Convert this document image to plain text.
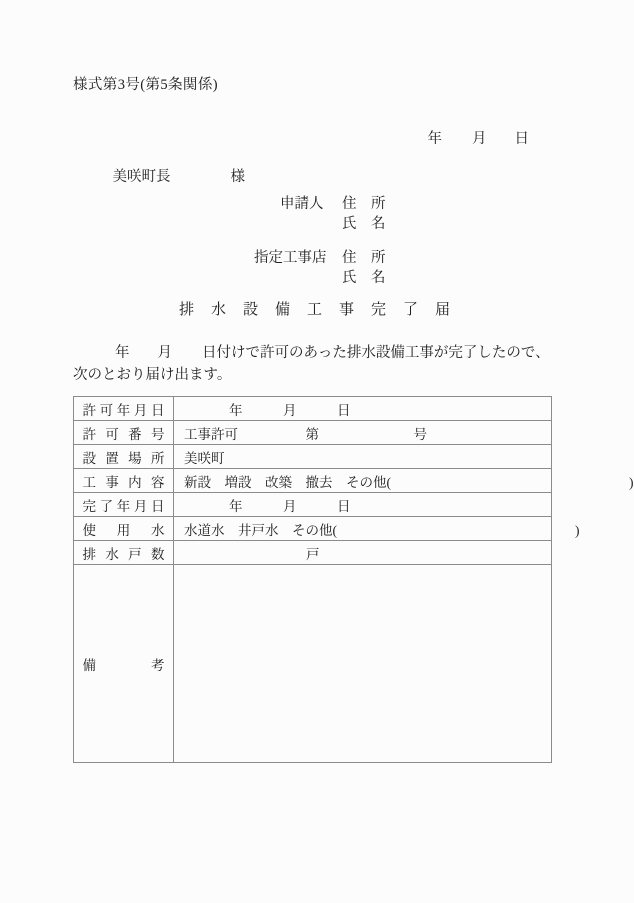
様式第3号(第5条関係)

年 月 日

美咲町長	様

申請人 住　所
氏　名
指定工事店 住　所
氏　名
排　水　設　備　工　事　完　了　届
年 月 日付けで許可のあった排水設備工事が完了したので、次のとおり届け出ます。
許可年月日	年　　　月　　　日
許可番号	工事許可　　　　　第　　　　　　　号
設置場所	美咲町
工事内容	新設　増設　改築　撤去　その他( )
完了年月日	年　　　月　　　日
使用水	水道水　井戸水　その他( )
排水戸数	戸
備考	
